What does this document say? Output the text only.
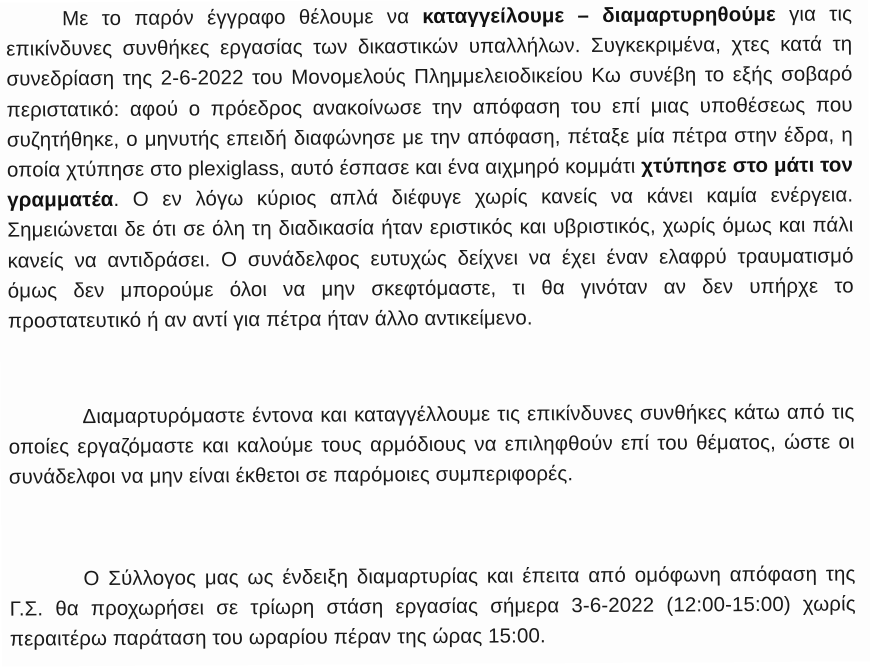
Με το παρόν έγγραφο θέλουμε να καταγγείλουμε – διαμαρτυρηθούμε για τις επικίνδυνες συνθήκες εργασίας των δικαστικών υπαλλήλων. Συγκεκριμένα, χτες κατά τη συνεδρίαση της 2-6-2022 του Μονομελούς Πλημμελειοδικείου Κω συνέβη το εξής σοβαρό περιστατικό: αφού ο πρόεδρος ανακοίνωσε την απόφαση του επί μιας υποθέσεως που συζητήθηκε, ο μηνυτής επειδή διαφώνησε με την απόφαση, πέταξε μία πέτρα στην έδρα, η οποία χτύπησε στο plexiglass, αυτό έσπασε και ένα αιχμηρό κομμάτι χτύπησε στο μάτι τον γραμματέα. Ο εν λόγω κύριος απλά διέφυγε χωρίς κανείς να κάνει καμία ενέργεια. Σημειώνεται δε ότι σε όλη τη διαδικασία ήταν εριστικός και υβριστικός, χωρίς όμως και πάλι κανείς να αντιδράσει. Ο συνάδελφος ευτυχώς δείχνει να έχει έναν ελαφρύ τραυματισμό όμως δεν μπορούμε όλοι να μην σκεφτόμαστε, τι θα γινόταν αν δεν υπήρχε το προστατευτικό ή αν αντί για πέτρα ήταν άλλο αντικείμενο.

Διαμαρτυρόμαστε έντονα και καταγγέλλουμε τις επικίνδυνες συνθήκες κάτω από τις οποίες εργαζόμαστε και καλούμε τους αρμόδιους να επιληφθούν επί του θέματος, ώστε οι συνάδελφοι να μην είναι έκθετοι σε παρόμοιες συμπεριφορές.

Ο Σύλλογος μας ως ένδειξη διαμαρτυρίας και έπειτα από ομόφωνη απόφαση της Γ.Σ. θα προχωρήσει σε τρίωρη στάση εργασίας σήμερα 3-6-2022 (12:00-15:00) χωρίς περαιτέρω παράταση του ωραρίου πέραν της ώρας 15:00.
